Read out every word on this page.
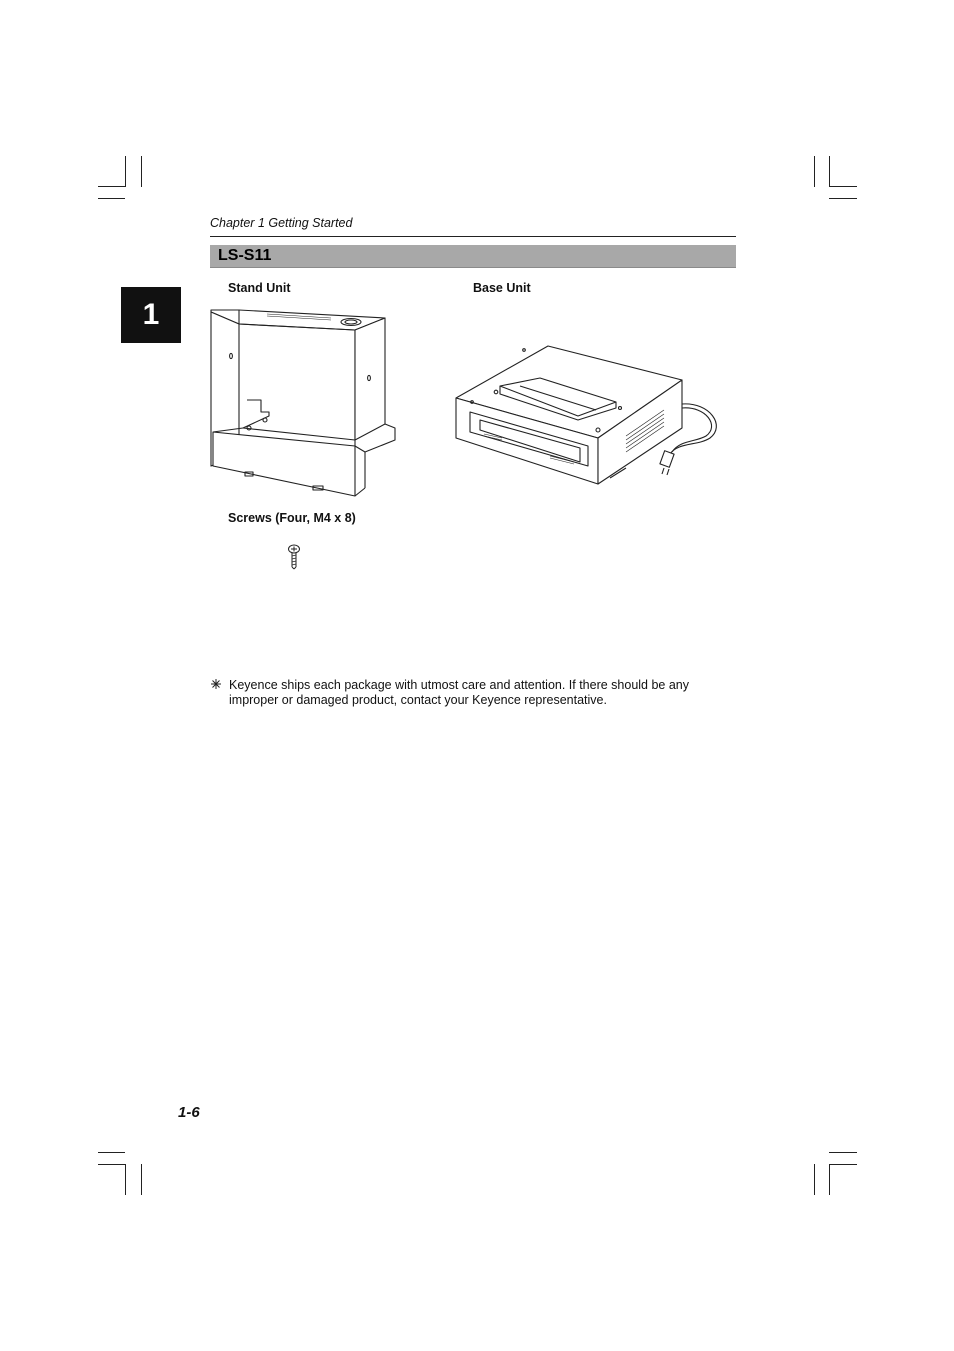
Chapter 1 Getting Started
1
LS-S11
Stand Unit	Base Unit
Screws (Four, M4 x 8)
Keyence ships each package with utmost care and attention. If there should be any improper or damaged product, contact your Keyence representative.
1-6
